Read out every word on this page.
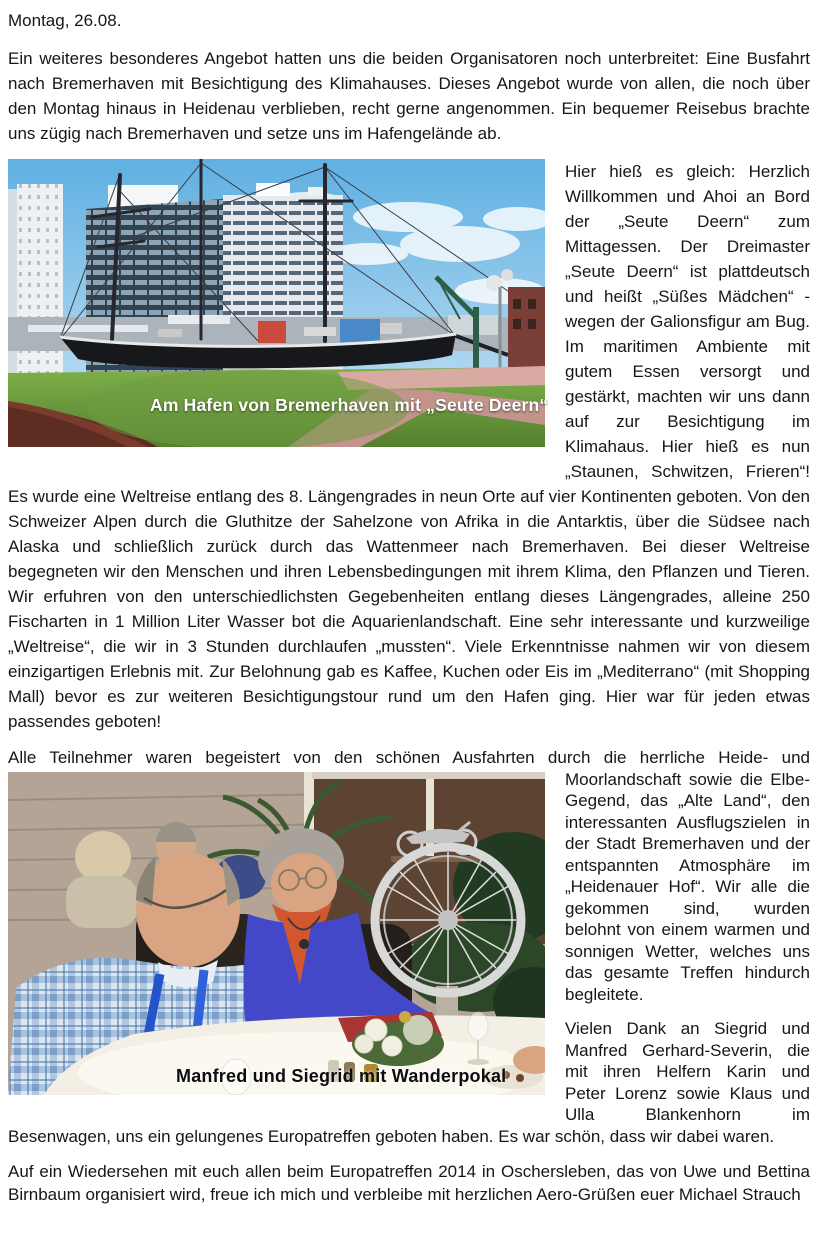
Montag, 26.08.

Ein weiteres besonderes Angebot hatten uns die beiden Organisatoren noch unterbreitet: Eine Busfahrt nach Bremerhaven mit Besichtigung des Klimahauses. Dieses Angebot wurde von allen, die noch über den Montag hinaus in Heidenau verblieben, recht gerne angenommen. Ein bequemer Reisebus brachte uns zügig nach Bremerhaven und setze uns im Hafengelände ab.

Am Hafen von Bremerhaven mit „Seute Deern“

Hier hieß es gleich: Herzlich Willkommen und Ahoi an Bord der „Seute Deern“ zum Mittagessen. Der Dreimaster „Seute Deern“ ist plattdeutsch und heißt „Süßes Mädchen“ - wegen der Galionsfigur am Bug. Im maritimen Ambiente mit gutem Essen versorgt und gestärkt, machten wir uns dann auf zur Besichtigung im Klimahaus. Hier hieß es nun „Staunen, Schwitzen, Frieren“! Es wurde eine Weltreise entlang des 8. Längengrades in neun Orte auf vier Kontinenten geboten. Von den Schweizer Alpen durch die Gluthitze der Sahelzone von Afrika in die Antarktis, über die Südsee nach Alaska und schließlich zurück durch das Wattenmeer nach Bremerhaven. Bei dieser Weltreise begegneten wir den Menschen und ihren Lebensbedingungen mit ihrem Klima, den Pflanzen und Tieren. Wir erfuhren von den unterschiedlichsten Gegebenheiten entlang dieses Längengrades, alleine 250 Fischarten in 1 Million Liter Wasser bot die Aquarienlandschaft. Eine sehr interessante und kurzweilige „Weltreise“, die wir in 3 Stunden durchlaufen „mussten“. Viele Erkenntnisse nahmen wir von diesem einzigartigen Erlebnis mit. Zur Belohnung gab es Kaffee, Kuchen oder Eis im „Mediterrano“ (mit Shopping Mall) bevor es zur weiteren Besichtigungstour rund um den Hafen ging. Hier war für jeden etwas passendes geboten!

Alle Teilnehmer waren begeistert von den schönen Ausfahrten durch die herrliche Heide- und
Manfred und Siegrid mit Wanderpokal
Moorlandschaft sowie die Elbe-Gegend, das „Alte Land“, den interessanten Ausflugszielen in der Stadt Bremerhaven und der entspannten Atmosphäre im „Heidenauer Hof“. Wir alle die gekommen sind, wurden belohnt von einem warmen und sonnigen Wetter, welches uns das gesamte Treffen hindurch begleitete.

Vielen Dank an Siegrid und Manfred Gerhard-Severin, die mit ihren Helfern Karin und Peter Lorenz sowie Klaus und Ulla Blankenhorn im Besenwagen, uns ein gelungenes Europatreffen geboten haben. Es war schön, dass wir dabei waren.

Auf ein Wiedersehen mit euch allen beim Europatreffen 2014 in Oschersleben, das von Uwe und Bettina Birnbaum organisiert wird, freue ich mich und verbleibe mit herzlichen Aero-Grüßen euer Michael Strauch
